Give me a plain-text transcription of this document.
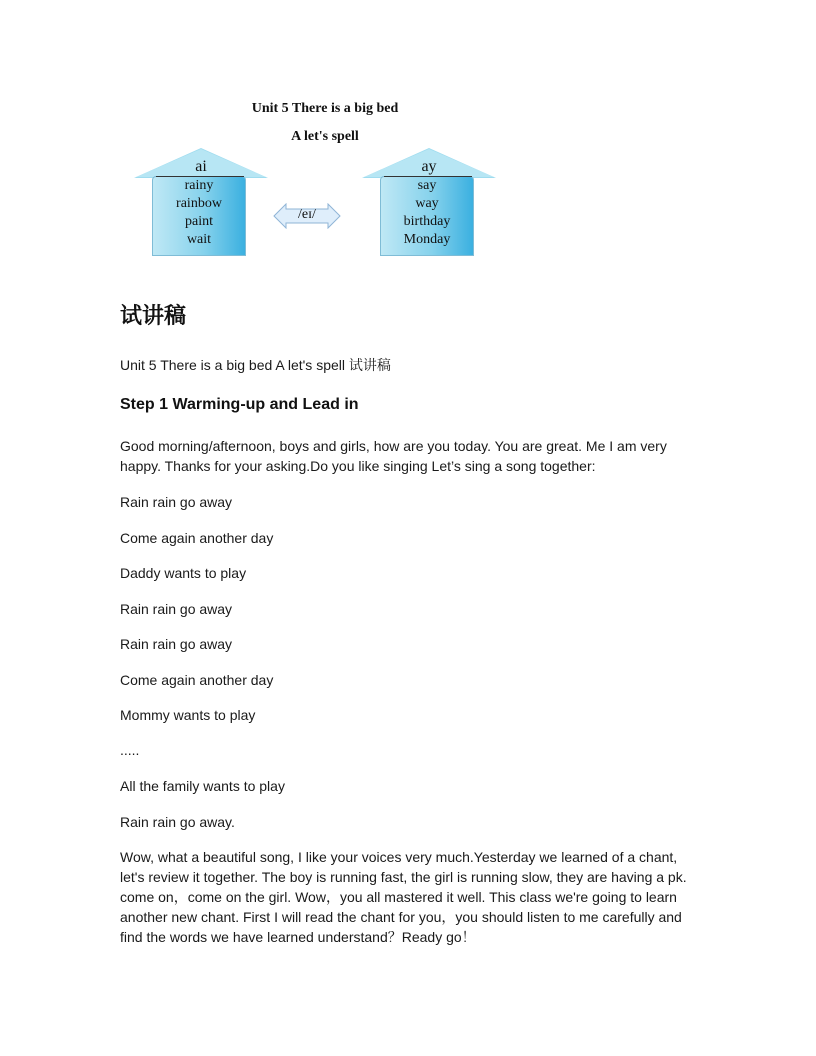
Unit 5 There is a big bed
A let's spell
ai
rainy
rainbow
paint
wait
/eɪ/
ay
say
way
birthday
Monday
试讲稿

Unit 5 There is a big bed A let's spell 试讲稿

Step 1 Warming-up and Lead in

Good morning/afternoon, boys and girls, how are you today. You are great. Me I am very happy. Thanks for your asking.Do you like singing Let’s sing a song together:

Rain rain go away

Come again another day

Daddy wants to play

Rain rain go away

Rain rain go away

Come again another day

Mommy wants to play

.....

All the family wants to play

Rain rain go away.

Wow, what a beautiful song, I like your voices very much.Yesterday we learned of a chant, let's review it together. The boy is running fast, the girl is running slow, they are having a pk. come on，come on the girl. Wow，you all mastered it well. This class we're going to learn another new chant. First I will read the chant for you，you should listen to me carefully and find the words we have learned understand？Ready go！
